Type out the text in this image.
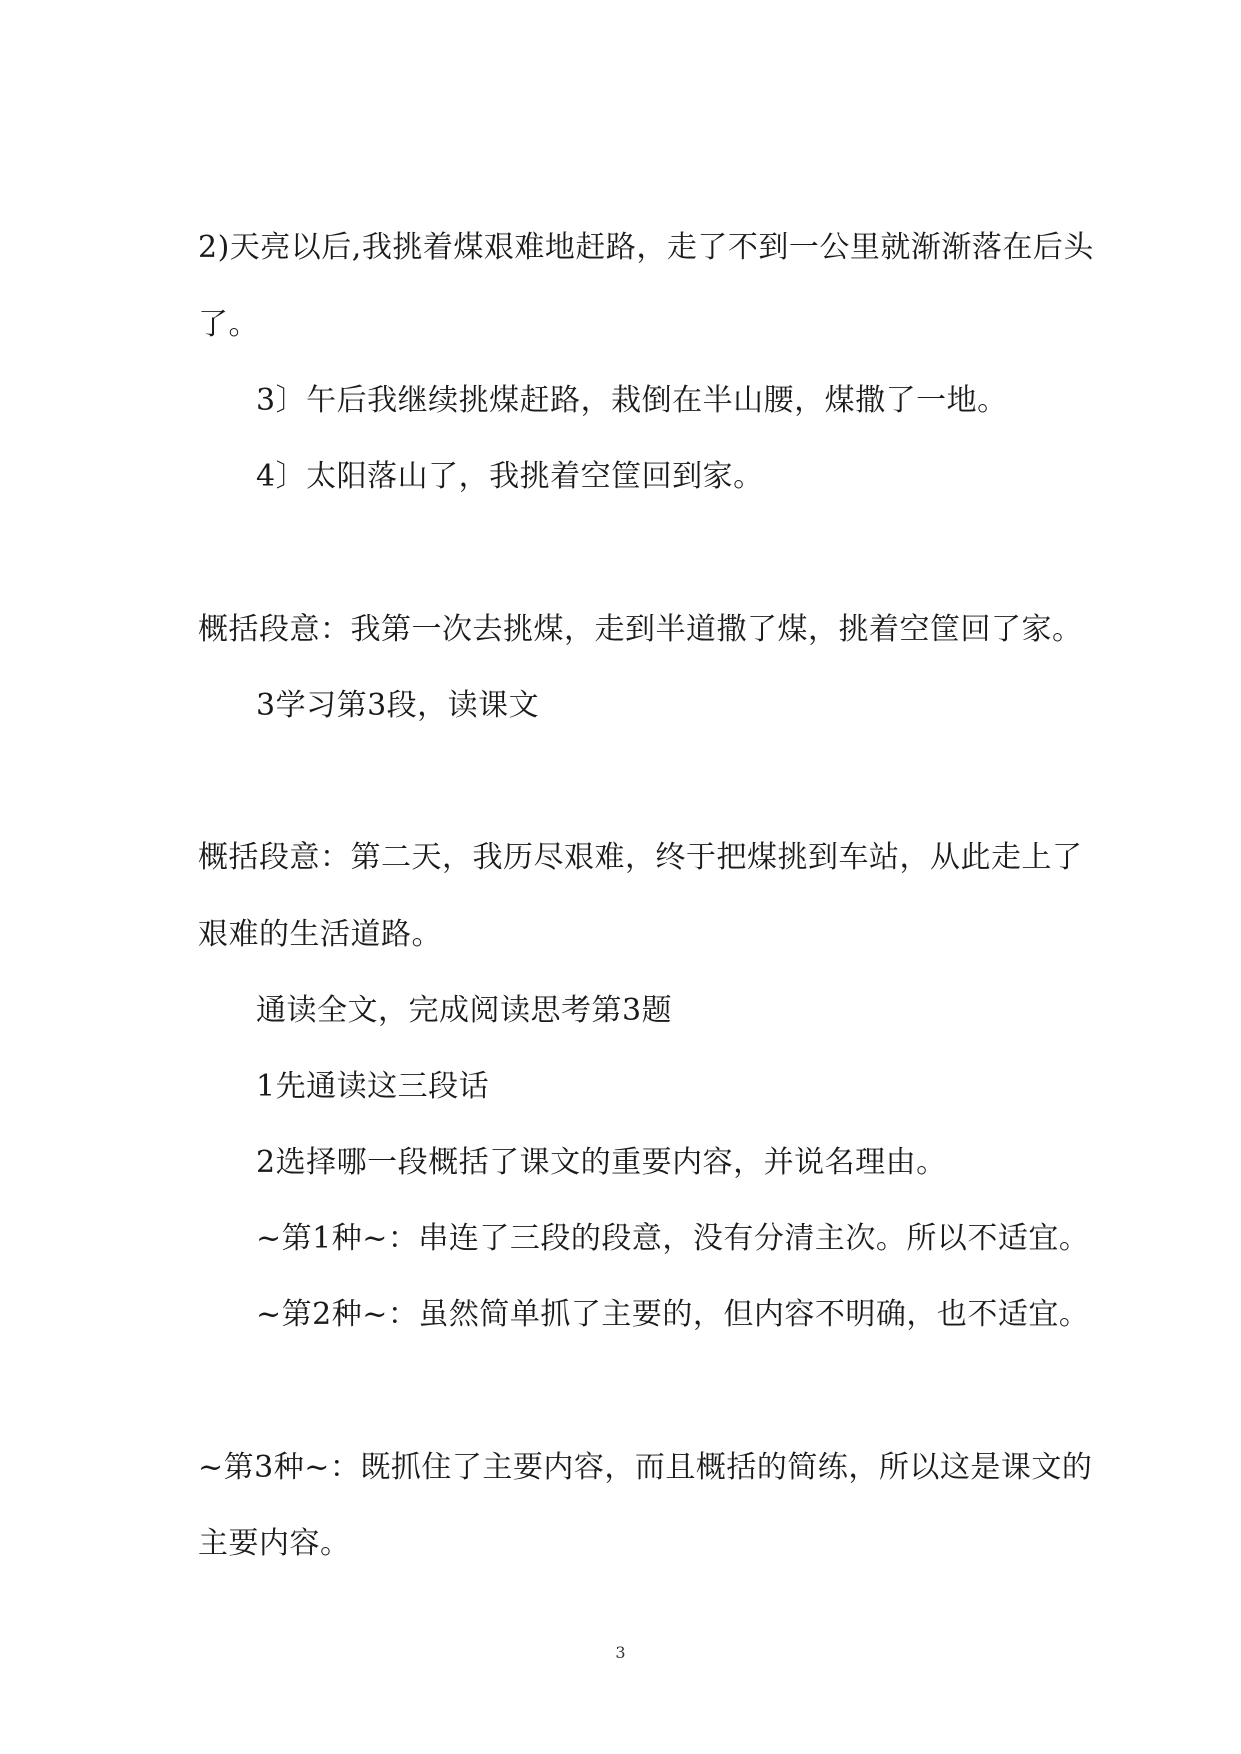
2)天亮以后,我挑着煤艰难地赶路，走了不到一公里就渐渐落在后头
了。
3〕午后我继续挑煤赶路，栽倒在半山腰，煤撒了一地。
4〕太阳落山了，我挑着空筐回到家。
概括段意：我第一次去挑煤，走到半道撒了煤，挑着空筐回了家。
3学习第3段，读课文
概括段意：第二天，我历尽艰难，终于把煤挑到车站，从此走上了
艰难的生活道路。
通读全文，完成阅读思考第3题
1先通读这三段话
2选择哪一段概括了课文的重要内容，并说名理由。
~第1种~：串连了三段的段意，没有分清主次。所以不适宜。
~第2种~：虽然简单抓了主要的，但内容不明确，也不适宜。
~第3种~：既抓住了主要内容，而且概括的简练，所以这是课文的
主要内容。
3
